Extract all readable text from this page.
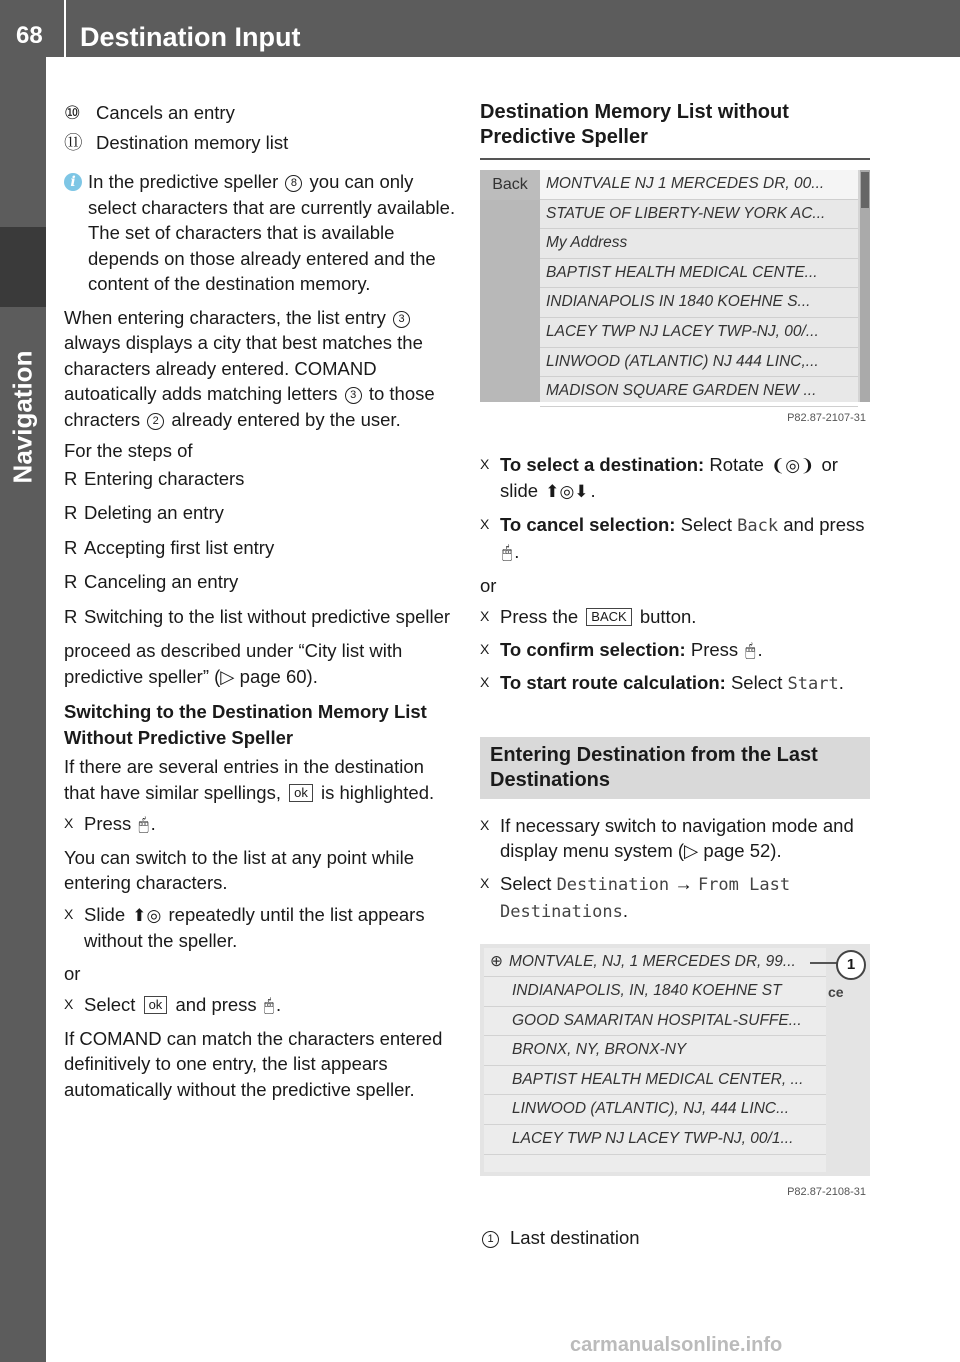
68 Destination Input
Navigation
⑩ Cancels an entry
⑪ Destination memory list
i In the predictive speller 8 you can only select characters that are currently available. The set of characters that is available depends on those already entered and the content of the destination memory.

When entering characters, the list entry 3 always displays a city that best matches the characters already entered. COMAND autoatically adds matching letters 3 to those chracters 2 already entered by the user.

For the steps of

R Entering characters
R Deleting an entry
R Accepting first list entry
R Canceling an entry
R Switching to the list without predictive speller

proceed as described under “City list with predictive speller” (▷ page 60).

Switching to the Destination Memory List Without Predictive Speller

If there are several entries in the destination that have similar spellings, ok is highlighted.

X Press 🖱 .

You can switch to the list at any point while entering characters.

X Slide ⬆◎ repeatedly until the list appears without the speller.

or

X Select ok and press 🖱 .

If COMAND can match the characters entered definitively to one entry, the list appears automatically without the predictive speller.

Destination Memory List without Predictive Speller
Back	MONTVALE NJ 1 MERCEDES DR, 00...
STATUE OF LIBERTY-NEW YORK AC...
My Address
BAPTIST HEALTH MEDICAL CENTE...
INDIANAPOLIS IN 1840 KOEHNE S...
LACEY TWP NJ LACEY TWP-NJ, 00/...
LINWOOD (ATLANTIC) NJ 444 LINC,...
MADISON SQUARE GARDEN NEW ...
P82.87-2107-31
X To select a destination: Rotate ❨◎❩ or slide ⬆◎⬇ .
X To cancel selection: Select Back and press 🖱 .

or

X Press the BACK button.
X To confirm selection: Press 🖱 .
X To start route calculation: Select Start.
Entering Destination from the Last Destinations
X If necessary switch to navigation mode and display menu system (▷ page 52).
X Select Destination → From Last Destinations.
⊕ MONTVALE, NJ, 1 MERCEDES DR, 99...
INDIANAPOLIS, IN, 1840 KOEHNE ST
GOOD SAMARITAN HOSPITAL-SUFFE...
BRONX, NY, BRONX-NY
BAPTIST HEALTH MEDICAL CENTER, ...
LINWOOD (ATLANTIC), NJ, 444 LINC...
LACEY TWP NJ LACEY TWP-NJ, 00/1...
ce
1
P82.87-2108-31
1 Last destination
carmanualsonline.info
